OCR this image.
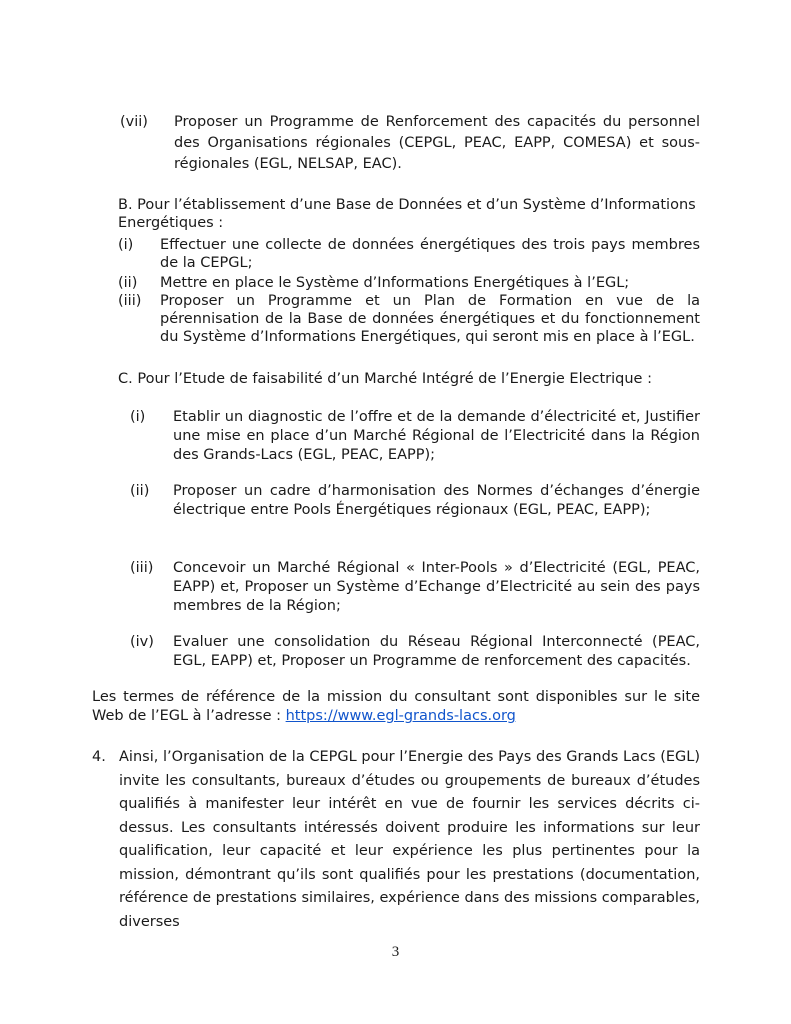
(vii) Proposer un Programme de Renforcement des capacités du personnel des Organisations régionales (CEPGL, PEAC, EAPP, COMESA) et sous-régionales (EGL, NELSAP, EAC).

B. Pour l’établissement d’une Base de Données et d’un Système d’Informations Energétiques :

(i) Effectuer une collecte de données énergétiques des trois pays membres de la CEPGL;

(ii) Mettre en place le Système d’Informations Energétiques à l’EGL;

(iii) Proposer un Programme et un Plan de Formation en vue de la pérennisation de la Base de données énergétiques et du fonctionnement du Système d’Informations Energétiques, qui seront mis en place à l’EGL.

C. Pour l’Etude de faisabilité d’un Marché Intégré de l’Energie Electrique :

(i) Etablir un diagnostic de l’offre et de la demande d’électricité et, Justifier une mise en place d’un Marché Régional de l’Electricité dans la Région des Grands-Lacs (EGL, PEAC, EAPP);

(ii) Proposer un cadre d’harmonisation des Normes d’échanges d’énergie électrique entre Pools Énergétiques régionaux (EGL, PEAC, EAPP);

(iii) Concevoir un Marché Régional « Inter-Pools » d’Electricité (EGL, PEAC, EAPP) et, Proposer un Système d’Echange d’Electricité au sein des pays membres de la Région;

(iv) Evaluer une consolidation du Réseau Régional Interconnecté (PEAC, EGL, EAPP) et, Proposer un Programme de renforcement des capacités.

Les termes de référence de la mission du consultant sont disponibles sur le site Web de l’EGL à l’adresse : https://www.egl-grands-lacs.org

4. Ainsi, l’Organisation de la CEPGL pour l’Energie des Pays des Grands Lacs (EGL) invite les consultants, bureaux d’études ou groupements de bureaux d’études qualifiés à manifester leur intérêt en vue de fournir les services décrits ci-dessus. Les consultants intéressés doivent produire les informations sur leur qualification, leur capacité et leur expérience les plus pertinentes pour la mission, démontrant qu’ils sont qualifiés pour les prestations (documentation, référence de prestations similaires, expérience dans des missions comparables, diverses

3
